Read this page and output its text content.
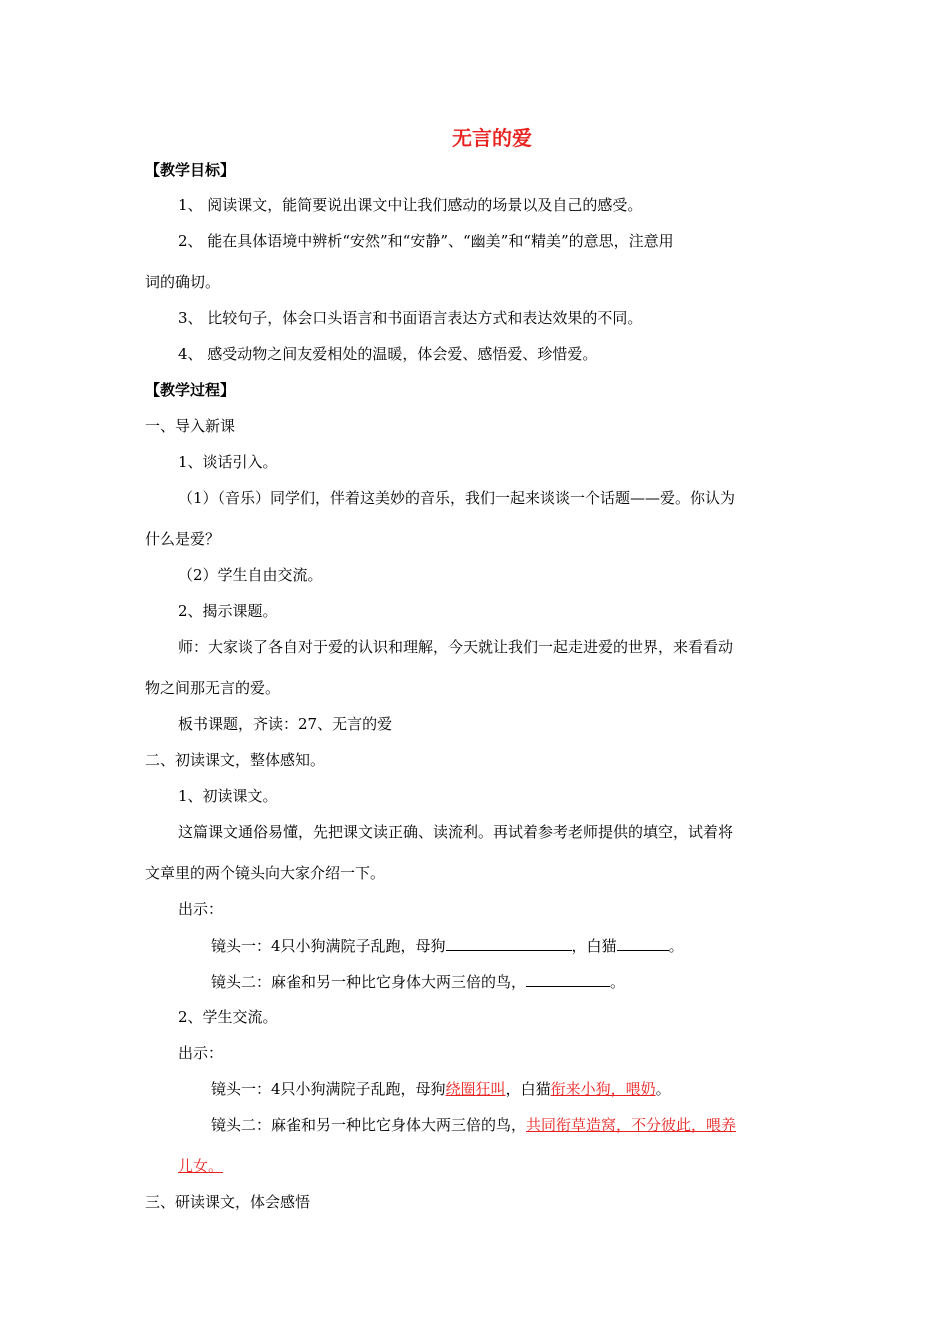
无言的爱
【教学目标】
1、 阅读课文，能简要说出课文中让我们感动的场景以及自己的感受。
2、 能在具体语境中辨析“安然”和“安静”、“幽美”和“精美”的意思，注意用
词的确切。
3、 比较句子，体会口头语言和书面语言表达方式和表达效果的不同。
4、 感受动物之间友爱相处的温暖，体会爱、感悟爱、珍惜爱。
【教学过程】
一、导入新课
1、谈话引入。
（1）（音乐）同学们，伴着这美妙的音乐，我们一起来谈谈一个话题——爱。你认为
什么是爱？
（2）学生自由交流。
2、揭示课题。
师：大家谈了各自对于爱的认识和理解，今天就让我们一起走进爱的世界，来看看动
物之间那无言的爱。
板书课题，齐读：27、无言的爱
二、初读课文，整体感知。
1、初读课文。
这篇课文通俗易懂，先把课文读正确、读流利。再试着参考老师提供的填空，试着将
文章里的两个镜头向大家介绍一下。
出示：
镜头一：4只小狗满院子乱跑，母狗	，白猫	。
镜头二：麻雀和另一种比它身体大两三倍的鸟，	。
2、学生交流。
出示：
镜头一：4只小狗满院子乱跑，母狗绕圈狂叫，白猫衔来小狗，喂奶。
镜头二：麻雀和另一种比它身体大两三倍的鸟，共同衔草造窝，不分彼此，喂养
儿女。
三、研读课文，体会感悟
